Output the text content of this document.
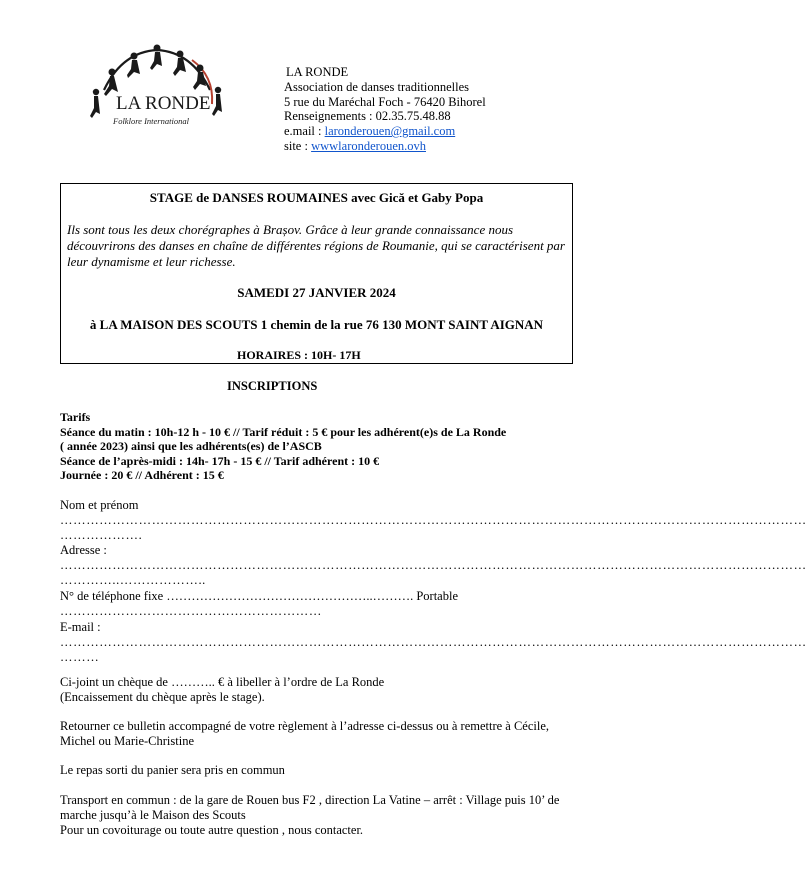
LA RONDE
Folklore International
LA RONDE
Association de danses traditionnelles
5 rue du Maréchal Foch - 76420 Bihorel
Renseignements : 02.35.75.48.88
e.mail : laronderouen@gmail.com
site : wwwlaronderouen.ovh
STAGE de DANSES ROUMAINES avec Gică et Gaby Popa
Ils sont tous les deux chorégraphes à Brașov. Grâce à leur grande connaissance nous découvrirons des danses en chaîne de différentes régions de Roumanie, qui se caractérisent par leur dynamisme et leur richesse.
SAMEDI 27 JANVIER 2024
à LA MAISON DES SCOUTS 1 chemin de la rue 76 130 MONT SAINT AIGNAN
HORAIRES : 10H- 17H
INSCRIPTIONS
Tarifs
Séance du matin : 10h-12 h - 10 € // Tarif réduit : 5 € pour les adhérent(e)s de La Ronde
( année 2023) ainsi que les adhérents(es) de l’ASCB
Séance de l’après-midi : 14h- 17h - 15 € // Tarif adhérent : 10 €
Journée : 20 € // Adhérent : 15 €
Nom et prénom
………………………………………………………………………………………………………………………………………………………
……………….
Adresse :
………………………………………………………………………………………………………………………………………………………
…………..………………..
N° de téléphone fixe …………………………………………..………. Portable
……………………………………………………
E-mail :
………………………………………………………………………………………………………………………………………………………
………
Ci-joint un chèque de ……….. € à libeller à l’ordre de La Ronde
(Encaissement du chèque après le stage).
Retourner ce bulletin accompagné de votre règlement à l’adresse ci-dessus ou à remettre à Cécile,
Michel ou Marie-Christine
Le repas sorti du panier sera pris en commun
Transport en commun : de la gare de Rouen bus F2 , direction La Vatine – arrêt : Village puis 10’ de
marche jusqu’à le Maison des Scouts
Pour un covoiturage ou toute autre question , nous contacter.
